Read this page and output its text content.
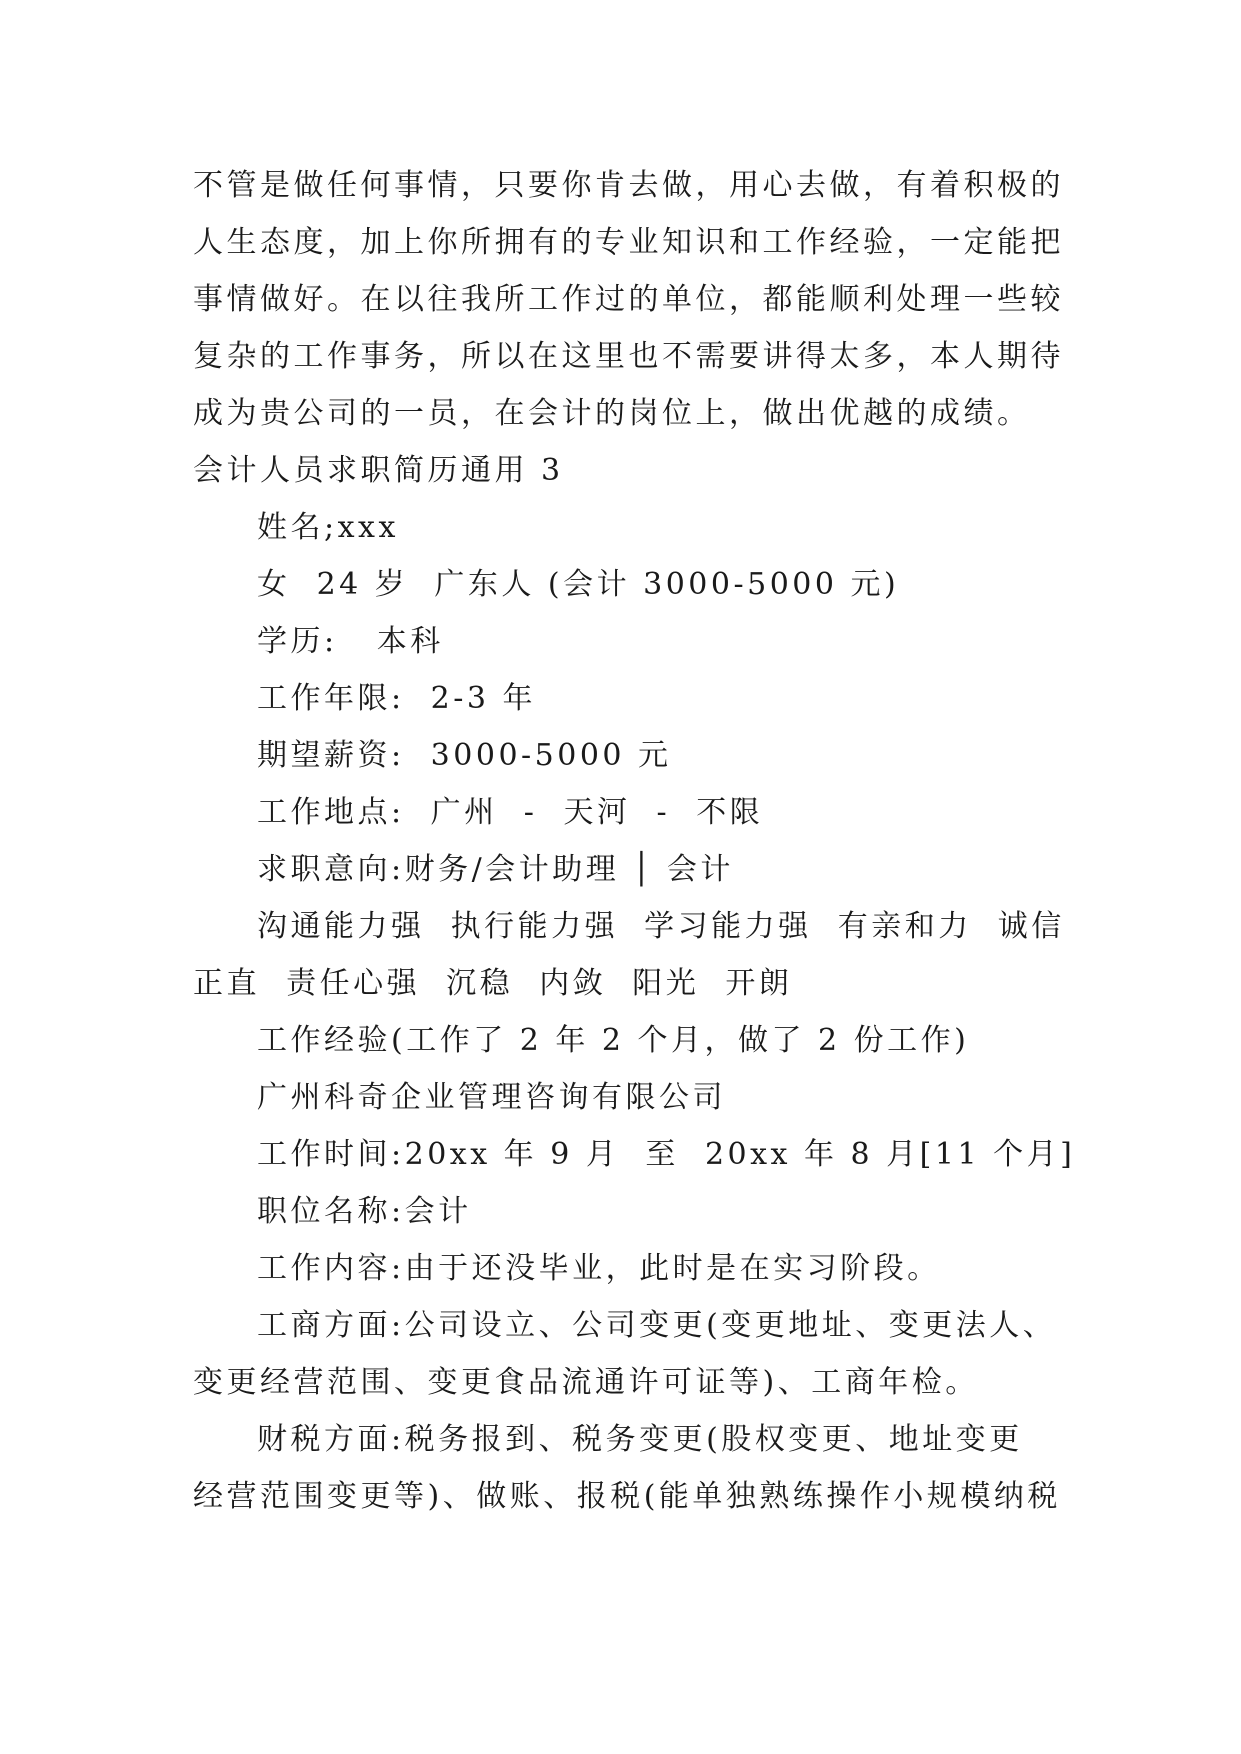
不管是做任何事情，只要你肯去做，用心去做，有着积极的
人生态度，加上你所拥有的专业知识和工作经验，一定能把
事情做好。在以往我所工作过的单位，都能顺利处理一些较
复杂的工作事务，所以在这里也不需要讲得太多，本人期待
成为贵公司的一员，在会计的岗位上，做出优越的成绩。
会计人员求职简历通用 3
姓名;xxx
女  24 岁  广东人 (会计 3000-5000 元)
学历:   本科
工作年限:  2-3 年
期望薪资:  3000-5000 元
工作地点:  广州  -  天河  -  不限
求职意向:财务/会计助理 │ 会计
沟通能力强  执行能力强  学习能力强  有亲和力  诚信
正直  责任心强  沉稳  内敛  阳光  开朗
工作经验(工作了 2 年 2 个月，做了 2 份工作)
广州科奇企业管理咨询有限公司
工作时间:20xx 年 9 月  至  20xx 年 8 月[11 个月]
职位名称:会计
工作内容:由于还没毕业，此时是在实习阶段。
工商方面:公司设立、公司变更(变更地址、变更法人、
变更经营范围、变更食品流通许可证等)、工商年检。
财税方面:税务报到、税务变更(股权变更、地址变更
经营范围变更等)、做账、报税(能单独熟练操作小规模纳税
